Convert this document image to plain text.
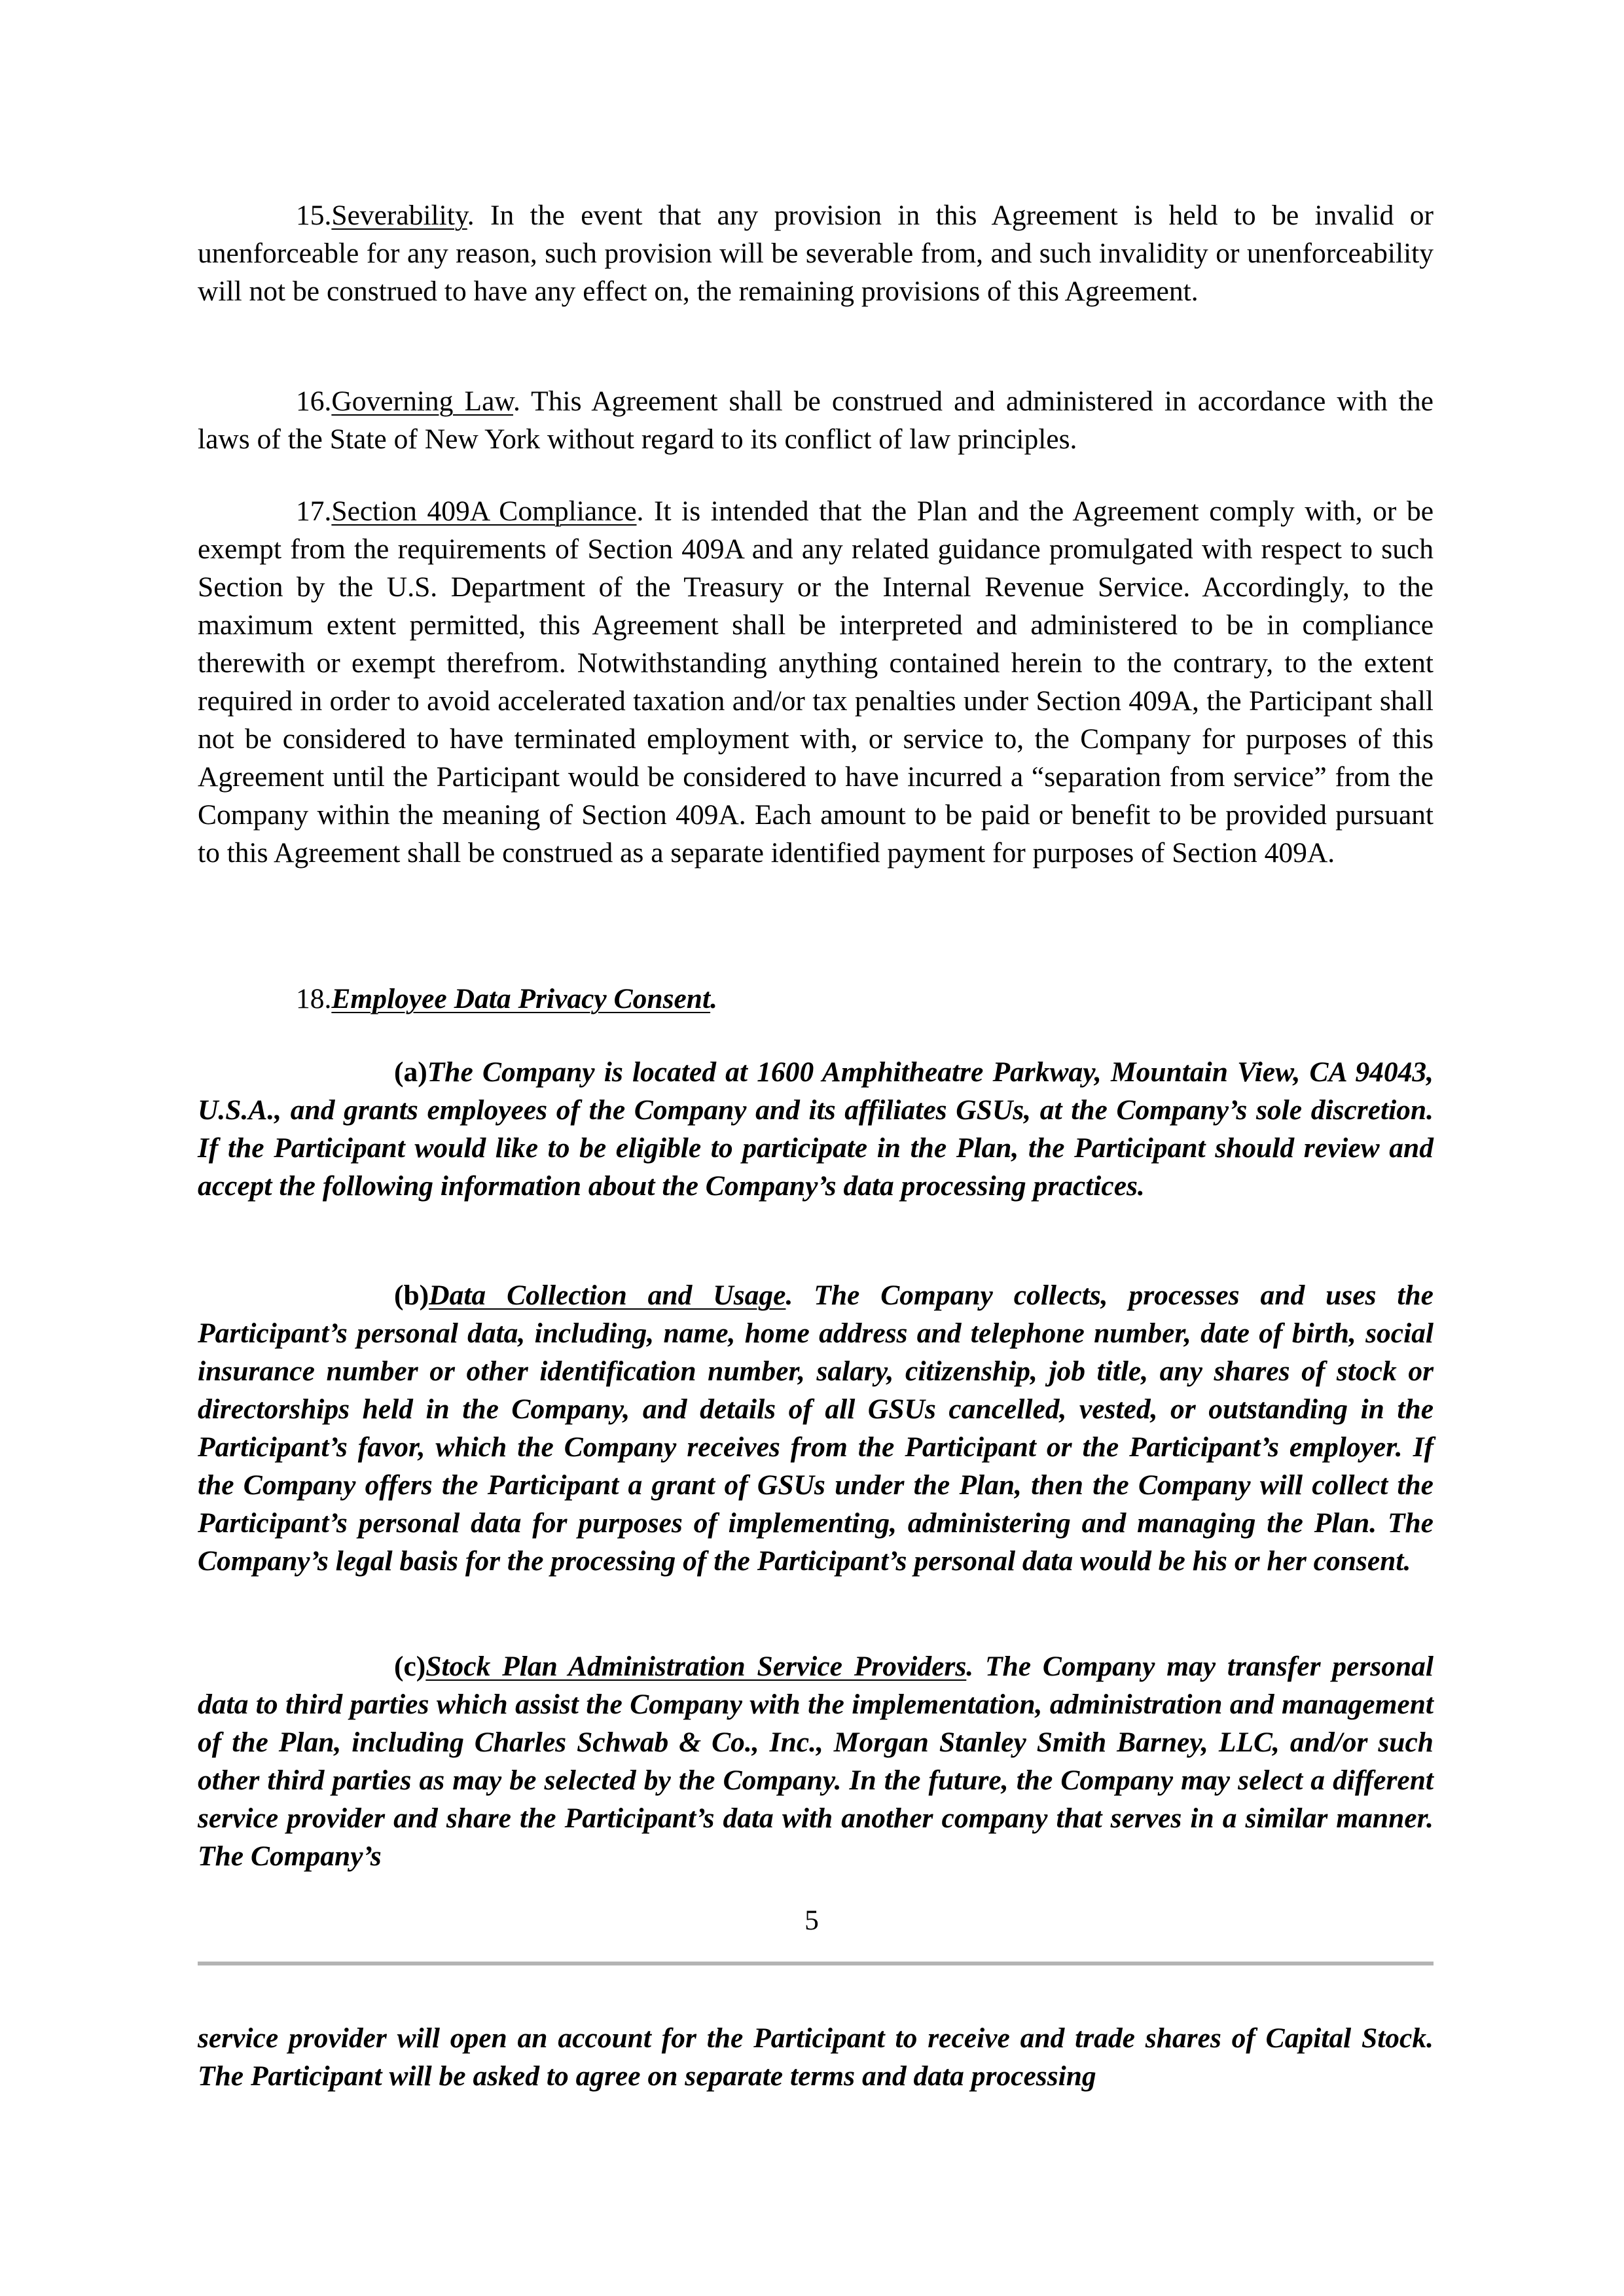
15.Severability. In the event that any provision in this Agreement is held to be invalid or unenforceable for any reason, such provision will be severable from, and such invalidity or unenforceability will not be construed to have any effect on, the remaining provisions of this Agreement.

16.Governing Law. This Agreement shall be construed and administered in accordance with the laws of the State of New York without regard to its conflict of law principles.

17.Section 409A Compliance. It is intended that the Plan and the Agreement comply with, or be exempt from the requirements of Section 409A and any related guidance promulgated with respect to such Section by the U.S. Department of the Treasury or the Internal Revenue Service. Accordingly, to the maximum extent permitted, this Agreement shall be interpreted and administered to be in compliance therewith or exempt therefrom. Notwithstanding anything contained herein to the contrary, to the extent required in order to avoid accelerated taxation and/or tax penalties under Section 409A, the Participant shall not be considered to have terminated employment with, or service to, the Company for purposes of this Agreement until the Participant would be considered to have incurred a “separation from service” from the Company within the meaning of Section 409A. Each amount to be paid or benefit to be provided pursuant to this Agreement shall be construed as a separate identified payment for purposes of Section 409A.

18.Employee Data Privacy Consent.

(a)The Company is located at 1600 Amphitheatre Parkway, Mountain View, CA 94043, U.S.A., and grants employees of the Company and its affiliates GSUs, at the Company’s sole discretion. If the Participant would like to be eligible to participate in the Plan, the Participant should review and accept the following information about the Company’s data processing practices.

(b)Data Collection and Usage. The Company collects, processes and uses the Participant’s personal data, including, name, home address and telephone number, date of birth, social insurance number or other identification number, salary, citizenship, job title, any shares of stock or directorships held in the Company, and details of all GSUs cancelled, vested, or outstanding in the Participant’s favor, which the Company receives from the Participant or the Participant’s employer. If the Company offers the Participant a grant of GSUs under the Plan, then the Company will collect the Participant’s personal data for purposes of implementing, administering and managing the Plan. The Company’s legal basis for the processing of the Participant’s personal data would be his or her consent.

(c)Stock Plan Administration Service Providers. The Company may transfer personal data to third parties which assist the Company with the implementation, administration and management of the Plan, including Charles Schwab & Co., Inc., Morgan Stanley Smith Barney, LLC, and/or such other third parties as may be selected by the Company. In the future, the Company may select a different service provider and share the Participant’s data with another company that serves in a similar manner. The Company’s

5

service provider will open an account for the Participant to receive and trade shares of Capital Stock. The Participant will be asked to agree on separate terms and data processing
